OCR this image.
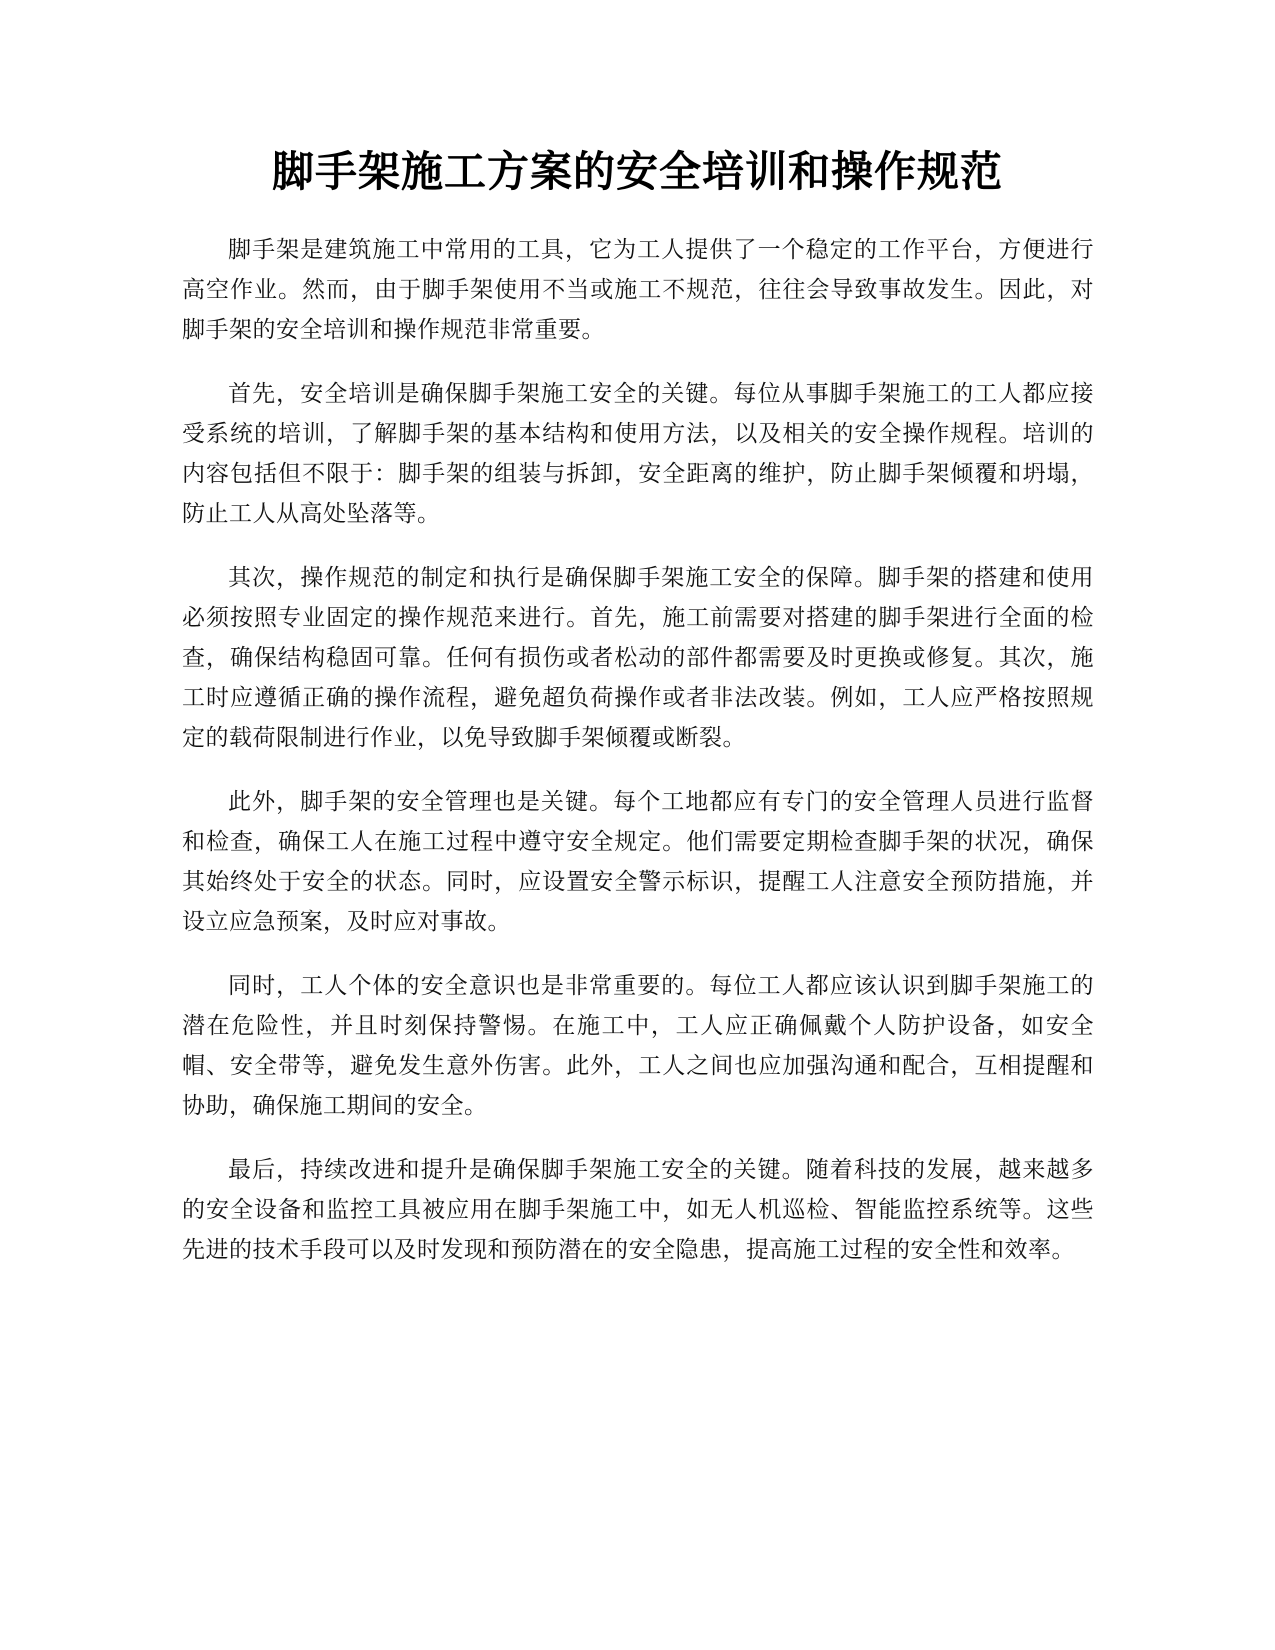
脚手架施工方案的安全培训和操作规范

脚手架是建筑施工中常用的工具，它为工人提供了一个稳定的工作平台，方便进行高空作业。然而，由于脚手架使用不当或施工不规范，往往会导致事故发生。因此，对脚手架的安全培训和操作规范非常重要。

首先，安全培训是确保脚手架施工安全的关键。每位从事脚手架施工的工人都应接受系统的培训，了解脚手架的基本结构和使用方法，以及相关的安全操作规程。培训的内容包括但不限于：脚手架的组装与拆卸，安全距离的维护，防止脚手架倾覆和坍塌，防止工人从高处坠落等。

其次，操作规范的制定和执行是确保脚手架施工安全的保障。脚手架的搭建和使用必须按照专业固定的操作规范来进行。首先，施工前需要对搭建的脚手架进行全面的检查，确保结构稳固可靠。任何有损伤或者松动的部件都需要及时更换或修复。其次，施工时应遵循正确的操作流程，避免超负荷操作或者非法改装。例如，工人应严格按照规定的载荷限制进行作业，以免导致脚手架倾覆或断裂。

此外，脚手架的安全管理也是关键。每个工地都应有专门的安全管理人员进行监督和检查，确保工人在施工过程中遵守安全规定。他们需要定期检查脚手架的状况，确保其始终处于安全的状态。同时，应设置安全警示标识，提醒工人注意安全预防措施，并设立应急预案，及时应对事故。

同时，工人个体的安全意识也是非常重要的。每位工人都应该认识到脚手架施工的潜在危险性，并且时刻保持警惕。在施工中，工人应正确佩戴个人防护设备，如安全帽、安全带等，避免发生意外伤害。此外，工人之间也应加强沟通和配合，互相提醒和协助，确保施工期间的安全。

最后，持续改进和提升是确保脚手架施工安全的关键。随着科技的发展，越来越多的安全设备和监控工具被应用在脚手架施工中，如无人机巡检、智能监控系统等。这些先进的技术手段可以及时发现和预防潜在的安全隐患，提高施工过程的安全性和效率。
